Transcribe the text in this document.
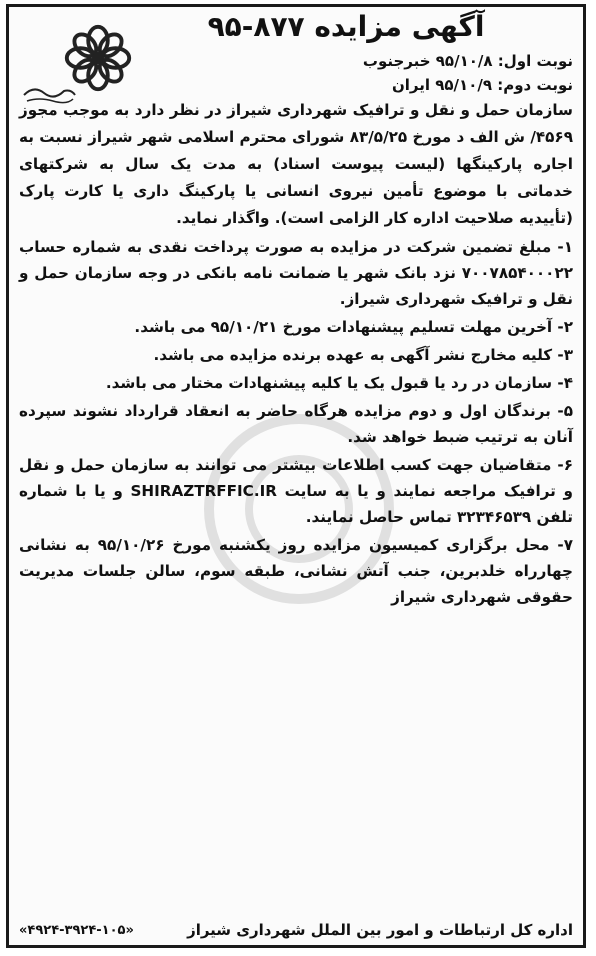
آگهی مزایده ۸۷۷-۹۵

نوبت اول: ۹۵/۱۰/۸ خبرجنوب

نوبت دوم: ۹۵/۱۰/۹ ایران

سازمان حمل و نقل و ترافیک شهرداری شیراز در نظر دارد به موجب مجوز ۴۵۶۹/ ش الف د مورخ ۸۳/۵/۲۵ شورای محترم اسلامی شهر شیراز نسبت به اجاره پارکینگها (لیست پیوست اسناد) به مدت یک سال به شرکتهای خدماتی با موضوع تأمین نیروی انسانی یا پارکینگ داری یا کارت پارک (تأییدیه صلاحیت اداره کار الزامی است). واگذار نماید.

۱- مبلغ تضمین شرکت در مزایده به صورت پرداخت نقدی به شماره حساب ۷۰۰۷۸۵۴۰۰۰۲۲ نزد بانک شهر یا ضمانت نامه بانکی در وجه سازمان حمل و نقل و ترافیک شهرداری شیراز.

۲- آخرین مهلت تسلیم پیشنهادات مورخ ۹۵/۱۰/۲۱ می باشد.

۳- کلیه مخارج نشر آگهی به عهده برنده مزایده می باشد.

۴- سازمان در رد یا قبول یک یا کلیه پیشنهادات مختار می باشد.

۵- برندگان اول و دوم مزایده هرگاه حاضر به انعقاد قرارداد نشوند سپرده آنان به ترتیب ضبط خواهد شد.

۶- متقاضیان جهت کسب اطلاعات بیشتر می توانند به سازمان حمل و نقل و ترافیک مراجعه نمایند و یا به سایت SHIRAZTRFFIC.IR و یا با شماره تلفن ۳۲۳۴۶۵۳۹ تماس حاصل نمایند.

۷- محل برگزاری کمیسیون مزایده روز یکشنبه مورخ ۹۵/۱۰/۲۶ به نشانی چهارراه خلدبرین، جنب آتش نشانی، طبقه سوم، سالن جلسات مدیریت حقوقی شهرداری شیراز

اداره کل ارتباطات و امور بین الملل شهرداری شیراز
«۴۹۲۴-۳۹۲۴-۱۰۵»
